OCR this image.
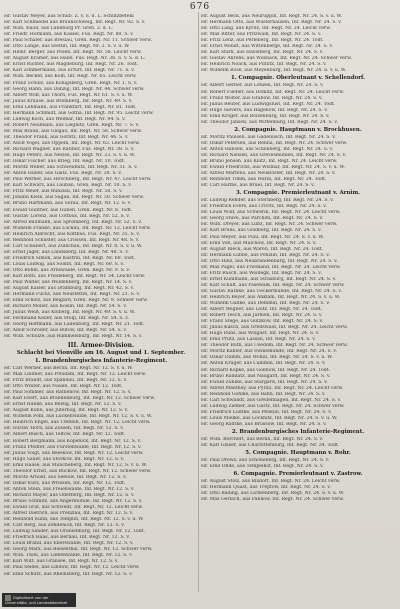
676
Hr. Gustav Meyer, aus Schub. Z. v. S. d. L. Schutzbefehl
Hr. Karl Schmiedel aus Braunschweig, Inf. Regt. Nr. 92. S. v.
Hr. Wilh. Knoll, aus Lüneburg Pr. Gren. 2. d. L.
Hr. Friedr. Hofmann, aus Kassel, Fus. Regt. Nr. 80. S. v.
Hr. Paul Schäfer, aus Breslau, Gren. Regt. Nr. 11. Schwer verw.
Hr. Otto Lange, aus Stettin, Inf. Regt. Nr. 2. S. v. u. W.
Hr. Heinr. Berger, aus Posen, Inf. Regt. Nr. 58. Leicht verw.
Hr. August Kramer, aus Halle, Fus. Regt. Nr. 36. S. v. S. d. L.
Hr. Ernst Richter, aus Magdeburg, Inf. Regt. Nr. 26. Todt.
Hr. Karl Zimmermann, aus Erfurt, Inf. Regt. Nr. 71. S. v.
Hr. Wilh. Becker, aus Köln, Inf. Regt. Nr. 65. Leicht verw.
Hr. Franz Schulz, aus Königsberg, Gren. Regt. Nr. 1. S. v.
Hr. Georg Hahn, aus Danzig, Inf. Regt. Nr. 44. Schwer verw.
Hr. Albert Wolf, aus Thorn, Fus. Regt. Nr. 61. S. v. u. W.
Hr. Julius Krause, aus Bromberg, Inf. Regt. Nr. 49. S. v.
Hr. Emil Lehmann, aus Frankfurt, Inf. Regt. Nr. 81. Todt.
Hr. Hermann Schmidt, aus Gotha, Inf. Regt. Nr. 95. Leicht verw.
Hr. Ludwig Koch, aus Weimar, Inf. Regt. Nr. 94. S. v.
Hr. Robert Neumann, aus Liegnitz, Gren. Regt. Nr. 7. S. v.
Hr. Max Braun, aus Glogau, Inf. Regt. Nr. 58. Schwer verw.
Hr. Theodor Frank, aus Görlitz, Inf. Regt. Nr. 46. S. v.
Hr. Adolf Vogel, aus Oppeln, Inf. Regt. Nr. 63. Leicht verw.
Hr. Richard Wagner, aus Ratibor, Fus. Regt. Nr. 38. S. v.
Hr. Hugo Peters, aus Neisse, Inf. Regt. Nr. 23. S. v. u. W.
Hr. Oskar Fischer, aus Brieg, Inf. Regt. Nr. 10. Todt.
Hr. Moritz Weber, aus Schweidnitz, Inf. Regt. Nr. 51. S. v.
Hr. Anton Huber, aus Glatz, Fus. Regt. Nr. 38. S. v.
Hr. Paul Werner, aus Hirschberg, Inf. Regt. Nr. 47. Leicht verw.
Hr. Karl Schwarz, aus Lauban, Gren. Regt. Nr. 10. S. v.
Hr. Fritz Meier, aus Bunzlau, Inf. Regt. Nr. 58. S. v.
Hr. Johann Klein, aus Sagan, Inf. Regt. Nr. 50. Schwer verw.
Hr. Bruno Hartmann, aus Sorau, Inf. Regt. Nr. 12. S. v.
Hr. Ewald Günther, aus Guben, Gren. Regt. Nr. 8. Todt.
Hr. Gustav Lorenz, aus Cottbus, Inf. Regt. Nr. 52. S. v.
Hr. Alfred Baumann, aus Spremberg, Inf. Regt. Nr. 52. S. v.
Hr. Wilhelm Franke, aus Luckau, Inf. Regt. Nr. 12. Leicht verw.
Hr. Heinrich Albrecht, aus Kottbus, Fus. Regt. Nr. 35. S. v.
Hr. Reinhold Schuster, aus Crossen, Inf. Regt. Nr. 48. S. v.
Hr. Carl Schubert, aus Züllichau, Inf. Regt. Nr. 8. S. v. u. W.
Hr. Ernst Jäger, aus Landsberg, Inf. Regt. Nr. 48. S. v.
Hr. Friedrich Simon, aus Küstrin, Inf. Regt. Nr. 60. Todt.
Hr. Louis Ludwig, aus Soldin, Inf. Regt. Nr. 60. S. v.
Hr. Otto Böhm, aus Arnswalde, Gren. Regt. Nr. 9. S. v.
Hr. Karl Roth, aus Friedeberg, Inf. Regt. Nr. 54. Leicht verw.
Hr. Paul Walter, aus Woldenberg, Inf. Regt. Nr. 14. S. v.
Hr. August Kaiser, aus Dramburg, Inf. Regt. Nr. 42. S. v.
Hr. Hermann Fuchs, aus Neustettin, Inf. Regt. Nr. 21. S. v.
Hr. Emil Scholz, aus Belgard, Gren. Regt. Nr. 9. Schwer verw.
Hr. Richard Möller, aus Köslin, Inf. Regt. Nr. 54. S. v.
Hr. Julius Weiß, aus Kolberg, Inf. Regt. Nr. 49. S. v. u. W.
Hr. Ferdinand Keller, aus Stolp, Inf. Regt. Nr. 54. S. v.
Hr. Georg Hoffmann, aus Lauenburg, Inf. Regt. Nr. 21. Todt.
Hr. Adolf Schröder, aus Bütow, Inf. Regt. Nr. 54. S. v.
Hr. Wilh. Schulze, aus Rummelsburg, Inf. Regt. Nr. 14. S. v.
III. Armee-Division.
Schlacht bei Vionville am 16. August und 1. September.
1. Brandenburgisches Infanterie-Regiment.
Hr. Carl Werner, aus Berlin, Inf. Regt. Nr. 12. S. v. u. W.
Hr. Max Lindner, aus Potsdam, Inf. Regt. Nr. 12. Leicht verw.
Hr. Fritz Brandt, aus Spandau, Inf. Regt. Nr. 12. S. v.
Hr. Otto Winter, aus Nauen, Inf. Regt. Nr. 12. Todt.
Hr. Paul Sommer, aus Rathenow, Inf. Regt. Nr. 12. S. v.
Hr. Karl Ebert, aus Brandenburg, Inf. Regt. Nr. 12. Schwer verw.
Hr. Ernst Hanke, aus Belzig, Inf. Regt. Nr. 12. S. v.
Hr. August Kühn, aus Jüterbog, Inf. Regt. Nr. 12. S. v.
Hr. Wilhelm Pohl, aus Luckenwalde, Inf. Regt. Nr. 12. S. v. u. W.
Hr. Heinrich Engel, aus Trebbin, Inf. Regt. Nr. 12. Leicht verw.
Hr. Gustav Horn, aus Zossen, Inf. Regt. Nr. 12. S. v.
Hr. Albert Busch, aus Teltow, Inf. Regt. Nr. 12. Todt.
Hr. Robert Bergmann, aus Köpenick, Inf. Regt. Nr. 12. S. v.
Hr. Franz Pfeiffer, aus Fürstenwalde, Inf. Regt. Nr. 12. S. v.
Hr. Julius Voigt, aus Beeskow, Inf. Regt. Nr. 12. Leicht verw.
Hr. Hugo Sauer, aus Storkow, Inf. Regt. Nr. 12. S. v.
Hr. Emil Haase, aus Müncheberg, Inf. Regt. Nr. 12. S. v. u. W.
Hr. Theodor Ernst, aus Buckow, Inf. Regt. Nr. 12. Schwer verw.
Hr. Moritz Arnold, aus Seelow, Inf. Regt. Nr. 12. S. v.
Hr. Oskar Kurz, aus Wriezen, Inf. Regt. Nr. 12. Todt.
Hr. Anton Stein, aus Freienwalde, Inf. Regt. Nr. 12. S. v.
Hr. Richard Mayer, aus Oderberg, Inf. Regt. Nr. 12. S. v.
Hr. Bruno Schmitz, aus Angermünde, Inf. Regt. Nr. 12. S. v.
Hr. Ewald Graf, aus Schwedt, Inf. Regt. Nr. 12. Leicht verw.
Hr. Alfred Dietrich, aus Prenzlau, Inf. Regt. Nr. 12. S. v.
Hr. Reinhold Kuhn, aus Templin, Inf. Regt. Nr. 12. S. v. u. W.
Hr. Carl Berg, aus Zehdenick, Inf. Regt. Nr. 12. S. v.
Hr. Ludwig Sander, aus Oranienburg, Inf. Regt. Nr. 12. Todt.
Hr. Friedrich Haas, aus Bernau, Inf. Regt. Nr. 12. S. v.
Hr. Louis Brand, aus Eberswalde, Inf. Regt. Nr. 12. S. v.
Hr. Georg Marx, aus Biesenthal, Inf. Regt. Nr. 12. Schwer verw.
Hr. Wilh. Thiel, aus Liebenwalde, Inf. Regt. Nr. 12. S. v.
Hr. Karl Witt, aus Gransee, Inf. Regt. Nr. 12. S. v.
Hr. Paul Seidel, aus Lindow, Inf. Regt. Nr. 12. Leicht verw.
Hr. Emil Schütz, aus Rheinsberg, Inf. Regt. Nr. 12. S. v.
Hr. August Beck, aus Neuruppin, Inf. Regt. Nr. 24. S. v. u. W.
Hr. Hermann Otto, aus Wusterhausen, Inf. Regt. Nr. 24. S. v.
Hr. Otto Lang, aus Kyritz, Inf. Regt. Nr. 24. Leicht verw.
Hr. Max Ritter, aus Pritzwalk, Inf. Regt. Nr. 24. S. v.
Hr. Fritz Lenz, aus Perleberg, Inf. Regt. Nr. 24. Todt.
Hr. Ernst Wendt, aus Wittenberge, Inf. Regt. Nr. 24. S. v.
Hr. Karl Stark, aus Havelberg, Inf. Regt. Nr. 24. S. v.
Hr. Gustav Ahrens, aus Wilsnack, Inf. Regt. Nr. 24. Schwer verw.
Hr. Heinrich Noack, aus Putlitz, Inf. Regt. Nr. 24. S. v.
Hr. Wilhelm Rose, aus Meyenburg, Inf. Regt. Nr. 24. S. v. u. W.
1. Compagnie. Oberleutnant v. Schellendorf.
Hr. Albert Gerber, aus Lenzen, Inf. Regt. Nr. 24. S. v.
Hr. Robert Fiedler, aus Dömitz, Inf. Regt. Nr. 24. Leicht verw.
Hr. Franz Wolter, aus Grabow, Inf. Regt. Nr. 24. S. v.
Hr. Julius Reuter, aus Ludwigslust, Inf. Regt. Nr. 24. Todt.
Hr. Hugo Sievers, aus Hagenow, Inf. Regt. Nr. 24. S. v.
Hr. Emil Kröger, aus Boizenburg, Inf. Regt. Nr. 24. S. v.
Hr. Theodor Jansen, aus Wittenburg, Inf. Regt. Nr. 24. S. v.
2. Compagnie. Hauptmann v. Brockhusen.
Hr. Moritz Paulsen, aus Gadebusch, Inf. Regt. Nr. 24. S. v.
Hr. Oskar Petersen, aus Rehna, Inf. Regt. Nr. 24. Schwer verw.
Hr. Anton Hansen, aus Schönberg, Inf. Regt. Nr. 24. S. v.
Hr. Richard Nielsen, aus Grevesmühlen, Inf. Regt. Nr. 24. S. v.
Hr. Bruno Jensen, aus Klütz, Inf. Regt. Nr. 24. Leicht verw.
Hr. Ewald Friedrichs, aus Wismar, Inf. Regt. Nr. 24. S. v. u. W.
Hr. Alfred Martens, aus Neukloster, Inf. Regt. Nr. 24. S. v.
Hr. Reinhold Timm, aus Warin, Inf. Regt. Nr. 24. Todt.
Hr. Carl Harms, aus Brüel, Inf. Regt. Nr. 24. S. v.
3. Compagnie. Premierleutnant v. Arnim.
Hr. Ludwig Rehder, aus Sternberg, Inf. Regt. Nr. 24. S. v.
Hr. Friedrich Evers, aus Crivitz, Inf. Regt. Nr. 24. S. v.
Hr. Louis Wulf, aus Schwerin, Inf. Regt. Nr. 24. Leicht verw.
Hr. Georg Stüve, aus Parchim, Inf. Regt. Nr. 24. S. v.
Hr. Wilh. Dreyer, aus Lübz, Inf. Regt. Nr. 24. Schwer verw.
Hr. Karl Bruns, aus Goldberg, Inf. Regt. Nr. 24. S. v.
Hr. Paul Meyer, aus Plau, Inf. Regt. Nr. 24. S. v. u. W.
Hr. Emil Voß, aus Malchow, Inf. Regt. Nr. 24. S. v.
Hr. August Rieck, aus Waren, Inf. Regt. Nr. 24. Todt.
Hr. Hermann Lübbe, aus Penzlin, Inf. Regt. Nr. 24. S. v.
Hr. Otto Hinz, aus Neubrandenburg, Inf. Regt. Nr. 24. S. v.
Hr. Max Pagel, aus Friedland, Inf. Regt. Nr. 24. Leicht verw.
Hr. Fritz Rusch, aus Woldegk, Inf. Regt. Nr. 24. S. v.
Hr. Ernst Kuhlmann, aus Strasburg, Inf. Regt. Nr. 24. S. v.
Hr. Karl Schult, aus Pasewalk, Inf. Regt. Nr. 24. Schwer verw.
Hr. Gustav Rathke, aus Ueckermünde, Inf. Regt. Nr. 24. S. v.
Hr. Heinrich Beyer, aus Anklam, Inf. Regt. Nr. 24. S. v. u. W.
Hr. Wilhelm Gädke, aus Demmin, Inf. Regt. Nr. 24. S. v.
Hr. Albert Wegner, aus Loitz, Inf. Regt. Nr. 24. Todt.
Hr. Robert Tesch, aus Jarmen, Inf. Regt. Nr. 24. S. v.
Hr. Franz Stege, aus Gützkow, Inf. Regt. Nr. 24. S. v.
Hr. Julius Kasch, aus Greifswald, Inf. Regt. Nr. 24. Leicht verw.
Hr. Hugo Rühs, aus Wolgast, Inf. Regt. Nr. 24. S. v.
Hr. Emil Prütz, aus Lassan, Inf. Regt. Nr. 24. S. v.
Hr. Theodor Buth, aus Usedom, Inf. Regt. Nr. 24. Schwer verw.
Hr. Moritz Kähler, aus Swinemünde, Inf. Regt. Nr. 24. S. v.
Hr. Oskar Damm, aus Wollin, Inf. Regt. Nr. 24. S. v. u. W.
Hr. Anton Krüger, aus Cammin, Inf. Regt. Nr. 24. S. v.
Hr. Richard Köpke, aus Gollnow, Inf. Regt. Nr. 24. Todt.
Hr. Bruno Raddatz, aus Naugard, Inf. Regt. Nr. 24. S. v.
Hr. Ewald Zühlke, aus Stargard, Inf. Regt. Nr. 24. S. v.
Hr. Alfred Manthey, aus Pyritz, Inf. Regt. Nr. 24. Leicht verw.
Hr. Reinhold Gohlke, aus Bahn, Inf. Regt. Nr. 24. S. v.
Hr. Carl Schwandt, aus Greifenhagen, Inf. Regt. Nr. 24. S. v.
Hr. Ludwig Ziemer, aus Gartz, Inf. Regt. Nr. 24. Schwer verw.
Hr. Friedrich Lüdtke, aus Penkun, Inf. Regt. Nr. 24. S. v.
Hr. Louis Mielke, aus Löcknitz, Inf. Regt. Nr. 24. S. v. u. W.
Hr. Georg Radtke, aus Brüssow, Inf. Regt. Nr. 24. S. v.
2. Brandenburgisches Infanterie-Regiment.
Hr. Wilh. Borchert, aus Berlin, Inf. Regt. Nr. 24. S. v.
Hr. Karl Glaser, aus Charlottenburg, Inf. Regt. Nr. 24. Todt.
5. Compagnie. Hauptmann v. Rohr.
Hr. Paul Drews, aus Schöneberg, Inf. Regt. Nr. 24. S. v.
Hr. Emil Ohde, aus Tempelhof, Inf. Regt. Nr. 24. S. v.
6. Compagnie. Premierleutnant v. Zastrow.
Hr. August Stolz, aus Rixdorf, Inf. Regt. Nr. 24. Leicht verw.
Hr. Hermann Quast, aus Treptow, Inf. Regt. Nr. 24. S. v.
Hr. Otto Bading, aus Lichtenberg, Inf. Regt. Nr. 24. S. v. u. W.
Hr. Max Gerlach, aus Pankow, Inf. Regt. Nr. 24. Schwer verw.
Digitalisiert von der
Universitäts- und Landesbibliothek
